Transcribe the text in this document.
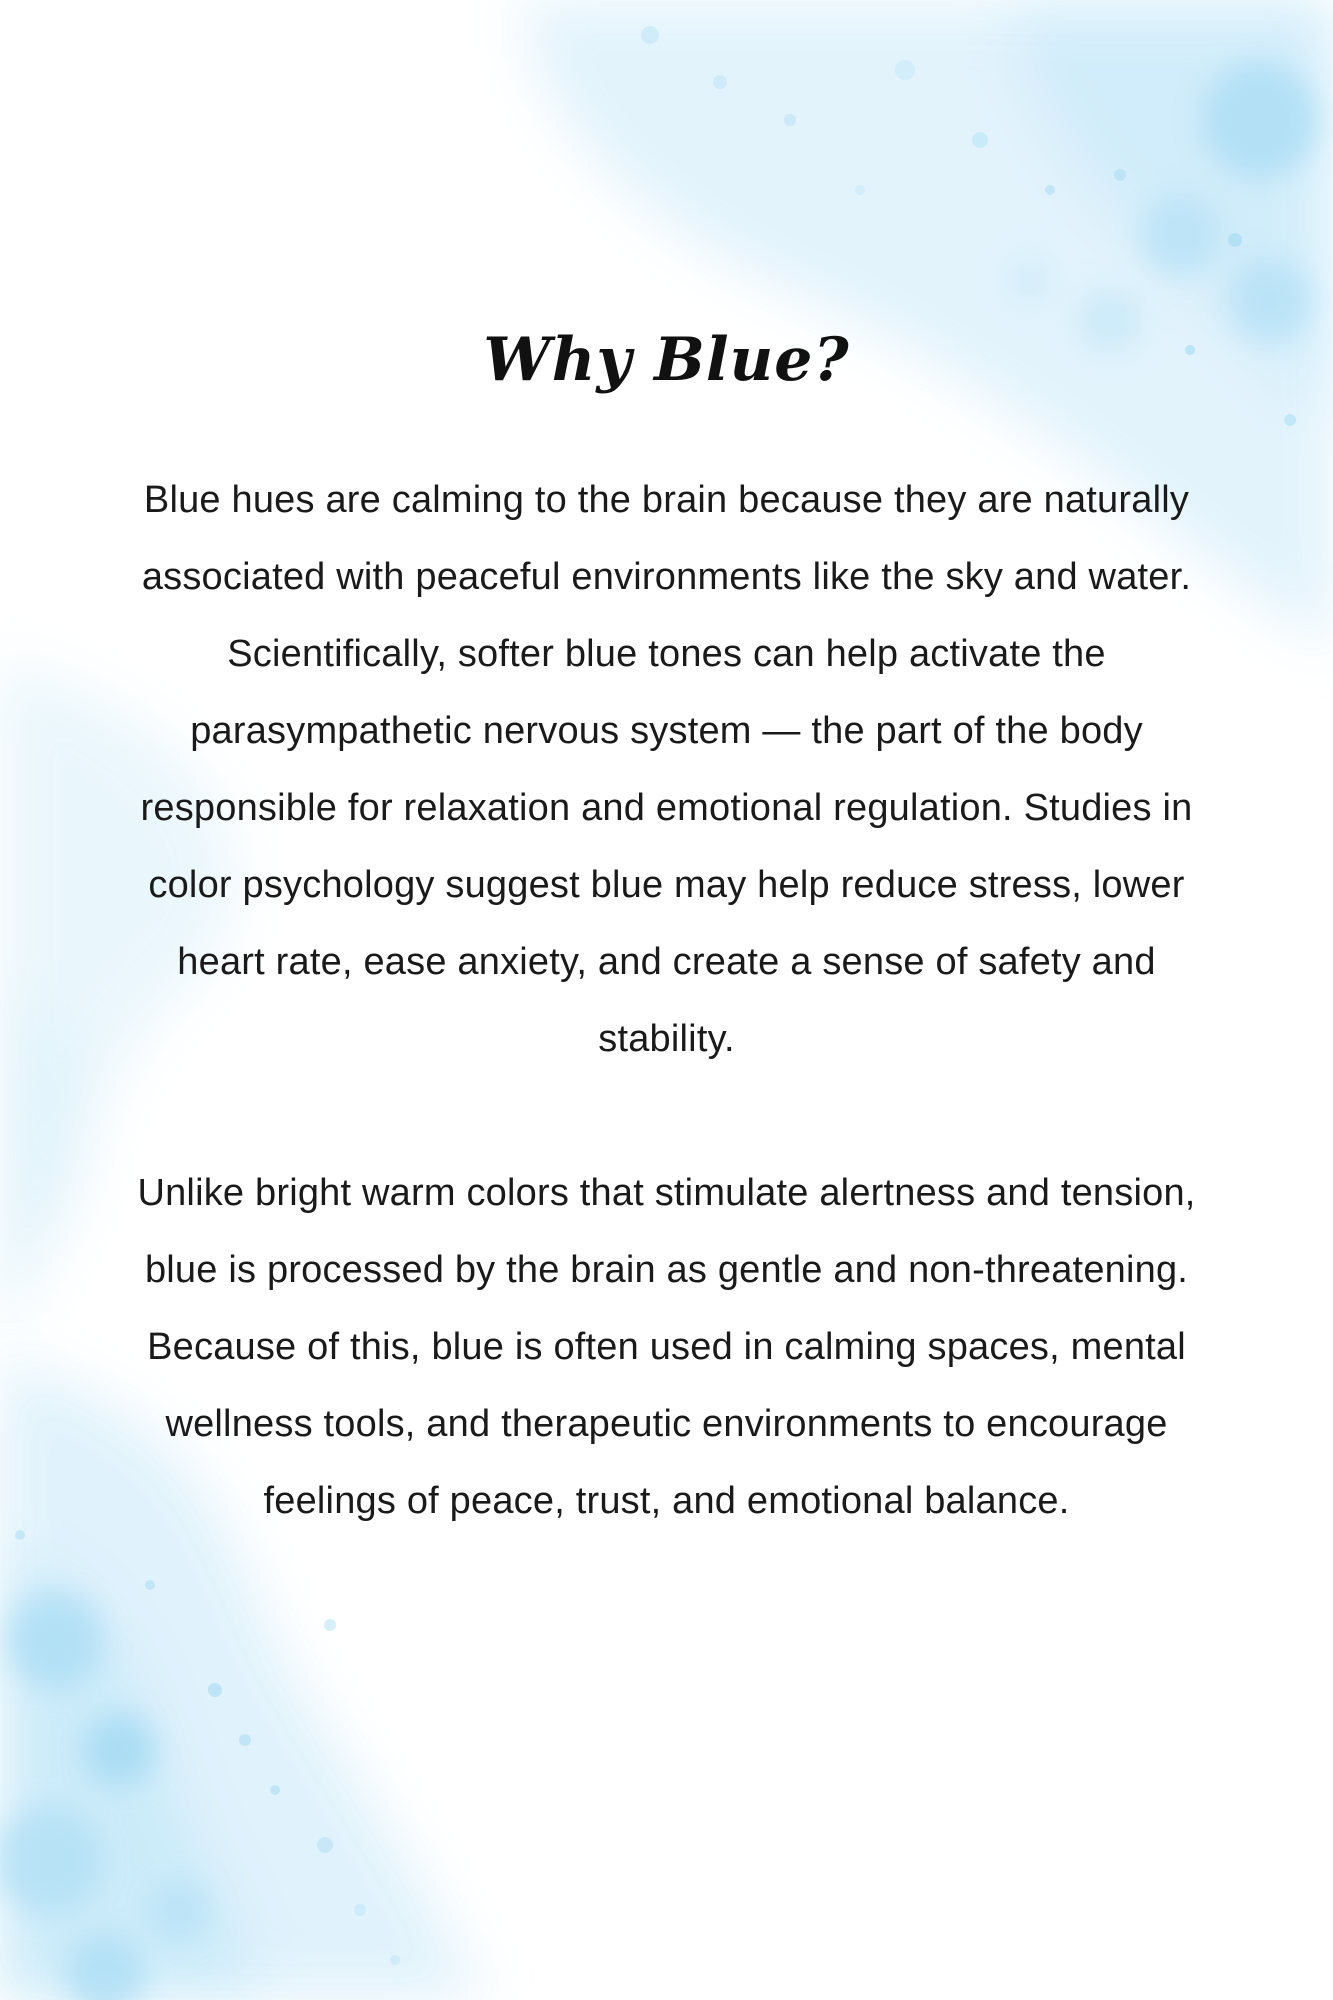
Why Blue?

Blue hues are calming to the brain because they are naturally associated with peaceful environments like the sky and water. Scientifically, softer blue tones can help activate the parasympathetic nervous system — the part of the body responsible for relaxation and emotional regulation. Studies in color psychology suggest blue may help reduce stress, lower heart rate, ease anxiety, and create a sense of safety and stability.

Unlike bright warm colors that stimulate alertness and tension, blue is processed by the brain as gentle and non-threatening. Because of this, blue is often used in calming spaces, mental wellness tools, and therapeutic environments to encourage feelings of peace, trust, and emotional balance.
